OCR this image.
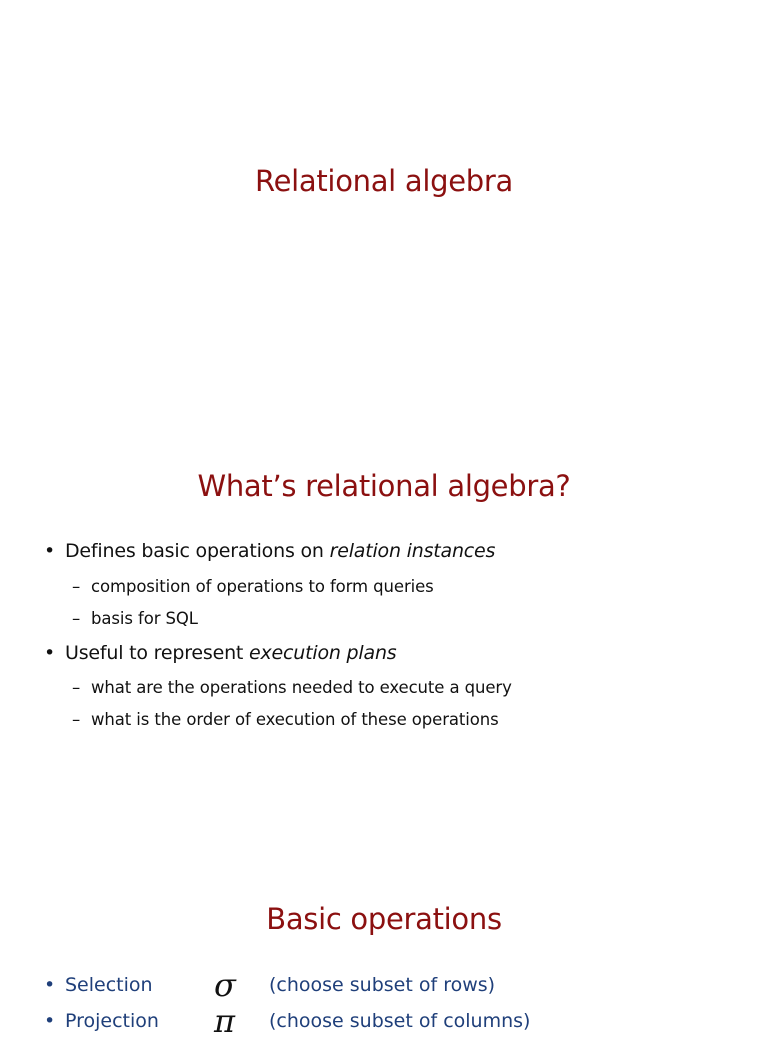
Relational algebra
What’s relational algebra?
• Defines basic operations on relation instances
– composition of operations to form queries
– basis for SQL
• Useful to represent execution plans
– what are the operations needed to execute a query
– what is the order of execution of these operations
Basic operations
• Selection σ (choose subset of rows)
• Projection π (choose subset of columns)
